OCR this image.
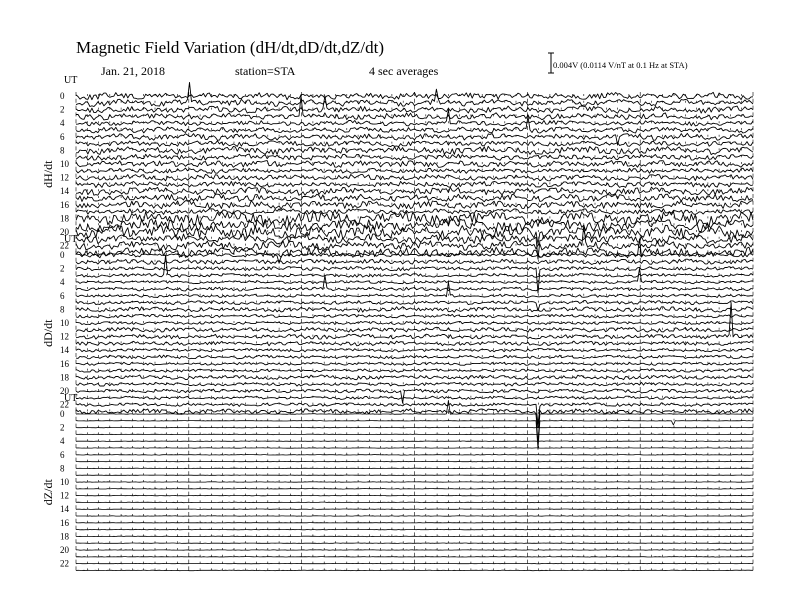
UT
dH/dt
0
2
4
6
8
10
12
14
16
18
20
22
UT
dD/dt
0
2
4
6
8
10
12
14
16
18
20
22
UT
dZ/dt
0
2
4
6
8
10
12
14
16
18
20
22
Magnetic Field Variation (dH/dt,dD/dt,dZ/dt)
Jan. 21, 2018	station=STA	4 sec averages	0.004V (0.0114 V/nT at 0.1 Hz at STA)
